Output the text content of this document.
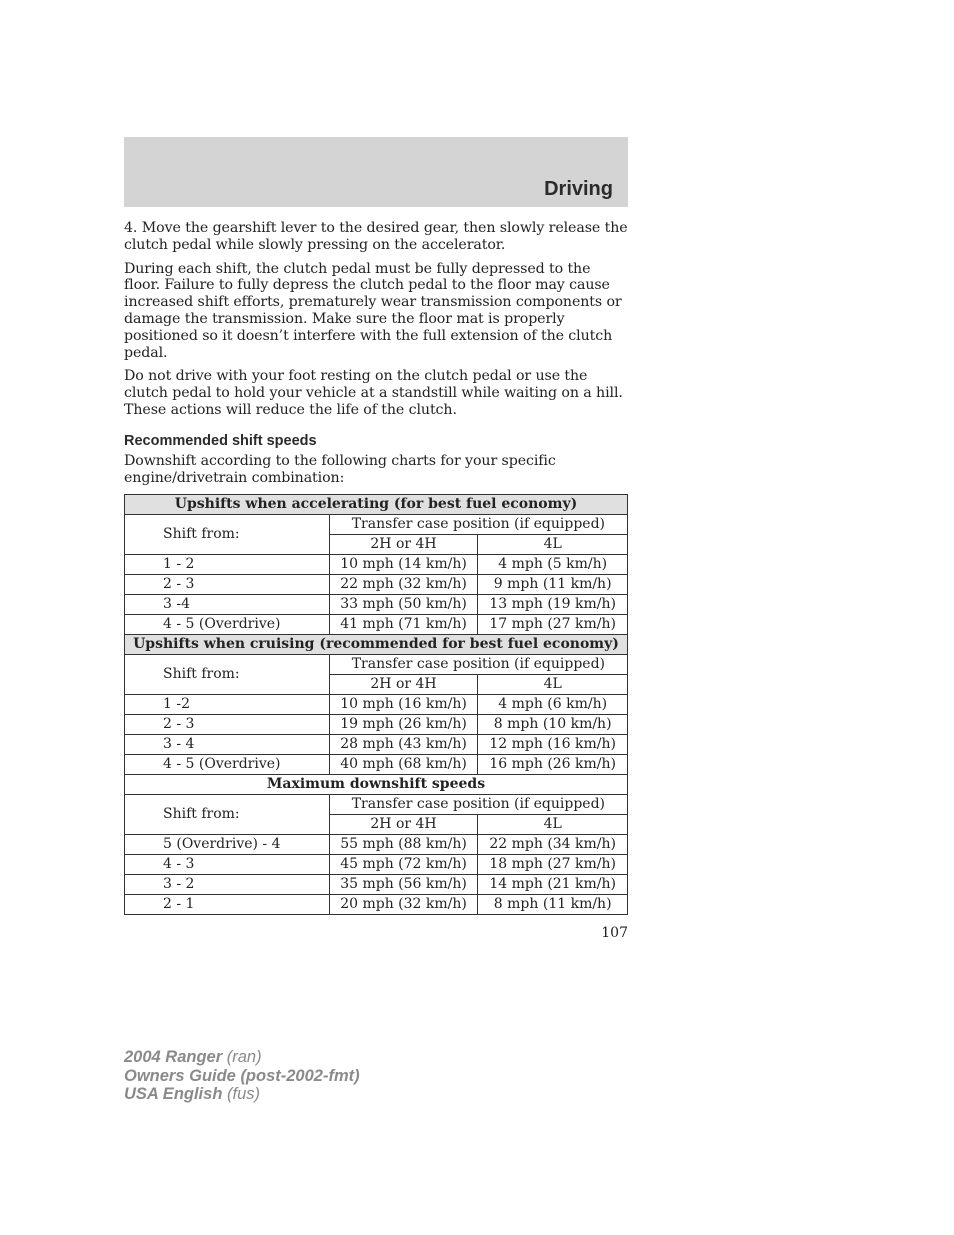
Driving

4. Move the gearshift lever to the desired gear, then slowly release the clutch pedal while slowly pressing on the accelerator.

During each shift, the clutch pedal must be fully depressed to the floor. Failure to fully depress the clutch pedal to the floor may cause increased shift efforts, prematurely wear transmission components or damage the transmission. Make sure the floor mat is properly positioned so it doesn’t interfere with the full extension of the clutch pedal.

Do not drive with your foot resting on the clutch pedal or use the clutch pedal to hold your vehicle at a standstill while waiting on a hill. These actions will reduce the life of the clutch.

Recommended shift speeds

Downshift according to the following charts for your specific engine/drivetrain combination:

Upshifts when accelerating (for best fuel economy)		
Shift from:	Transfer case position (if equipped)	
	2H or 4H	4L
1 - 2	10 mph (14 km/h)	4 mph (5 km/h)
2 - 3	22 mph (32 km/h)	9 mph (11 km/h)
3 -4	33 mph (50 km/h)	13 mph (19 km/h)
4 - 5 (Overdrive)	41 mph (71 km/h)	17 mph (27 km/h)
Upshifts when cruising (recommended for best fuel economy)		
Shift from:	Transfer case position (if equipped)	
	2H or 4H	4L
1 -2	10 mph (16 km/h)	4 mph (6 km/h)
2 - 3	19 mph (26 km/h)	8 mph (10 km/h)
3 - 4	28 mph (43 km/h)	12 mph (16 km/h)
4 - 5 (Overdrive)	40 mph (68 km/h)	16 mph (26 km/h)
Maximum downshift speeds		
Shift from:	Transfer case position (if equipped)	
	2H or 4H	4L
5 (Overdrive) - 4	55 mph (88 km/h)	22 mph (34 km/h)
4 - 3	45 mph (72 km/h)	18 mph (27 km/h)
3 - 2	35 mph (56 km/h)	14 mph (21 km/h)
2 - 1	20 mph (32 km/h)	8 mph (11 km/h)
107
2004 Ranger (ran)
Owners Guide (post-2002-fmt)
USA English (fus)
